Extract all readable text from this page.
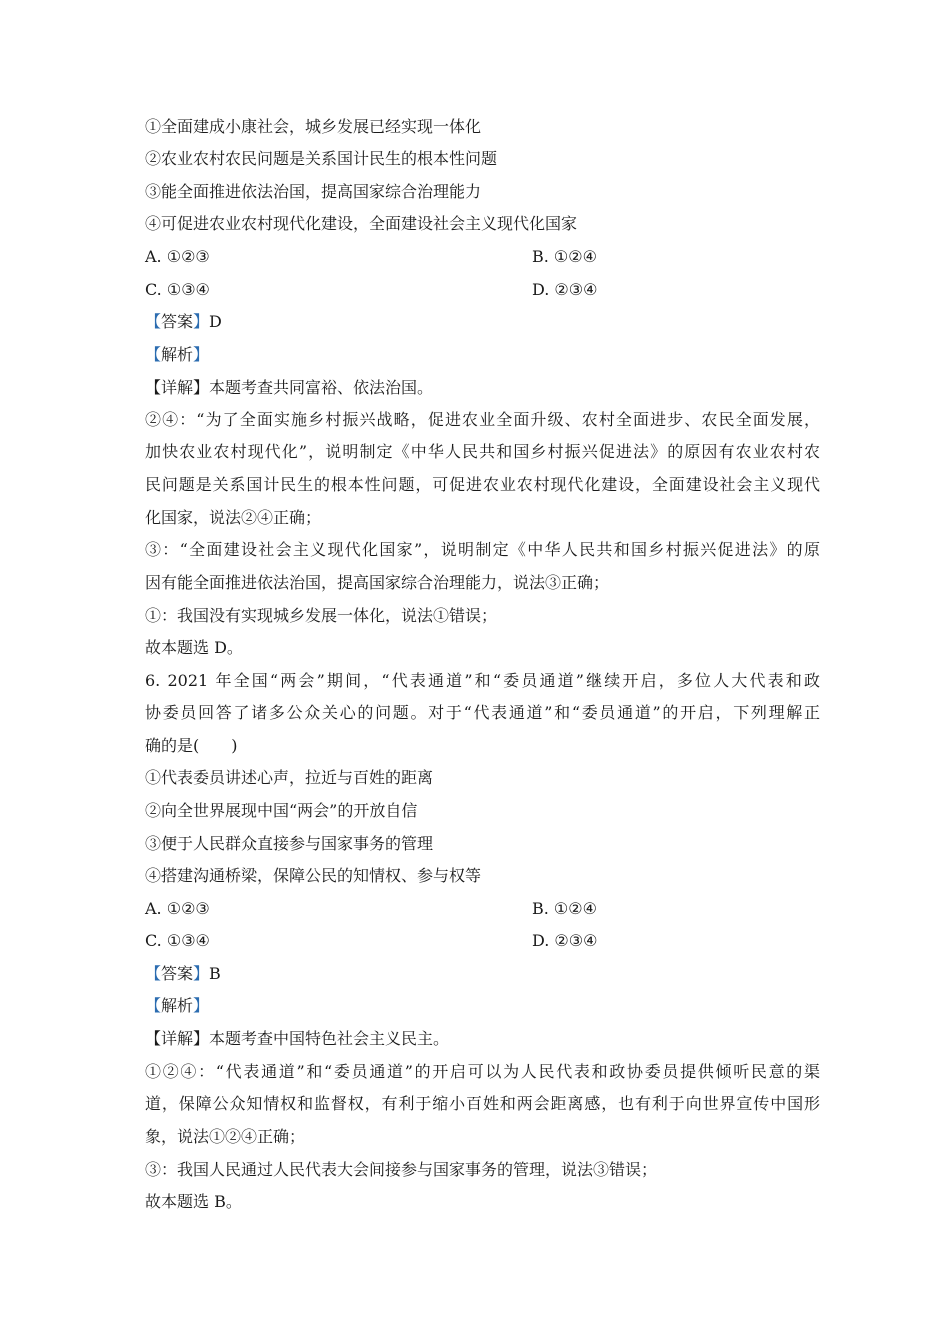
①全面建成小康社会，城乡发展已经实现一体化
②农业农村农民问题是关系国计民生的根本性问题
③能全面推进依法治国，提高国家综合治理能力
④可促进农业农村现代化建设，全面建设社会主义现代化国家
A. ①②③	B. ①②④
C. ①③④	D. ②③④
【答案】D
【解析】
【详解】本题考查共同富裕、依法治国。
②④：“为了全面实施乡村振兴战略，促进农业全面升级、农村全面进步、农民全面发展，
加快农业农村现代化”，说明制定《中华人民共和国乡村振兴促进法》的原因有农业农村农
民问题是关系国计民生的根本性问题，可促进农业农村现代化建设，全面建设社会主义现代
化国家，说法②④正确；
③：“全面建设社会主义现代化国家”，说明制定《中华人民共和国乡村振兴促进法》的原
因有能全面推进依法治国，提高国家综合治理能力，说法③正确；
①：我国没有实现城乡发展一体化，说法①错误；
故本题选 D。
6. 2021 年全国“两会”期间，“代表通道”和“委员通道”继续开启，多位人大代表和政
协委员回答了诸多公众关心的问题。对于“代表通道”和“委员通道”的开启，下列理解正
确的是(　　)
①代表委员讲述心声，拉近与百姓的距离
②向全世界展现中国“两会”的开放自信
③便于人民群众直接参与国家事务的管理
④搭建沟通桥梁，保障公民的知情权、参与权等
A. ①②③	B. ①②④
C. ①③④	D. ②③④
【答案】B
【解析】
【详解】本题考查中国特色社会主义民主。
①②④：“代表通道”和“委员通道”的开启可以为人民代表和政协委员提供倾听民意的渠
道，保障公众知情权和监督权，有利于缩小百姓和两会距离感，也有利于向世界宣传中国形
象，说法①②④正确；
③：我国人民通过人民代表大会间接参与国家事务的管理，说法③错误；
故本题选 B。
